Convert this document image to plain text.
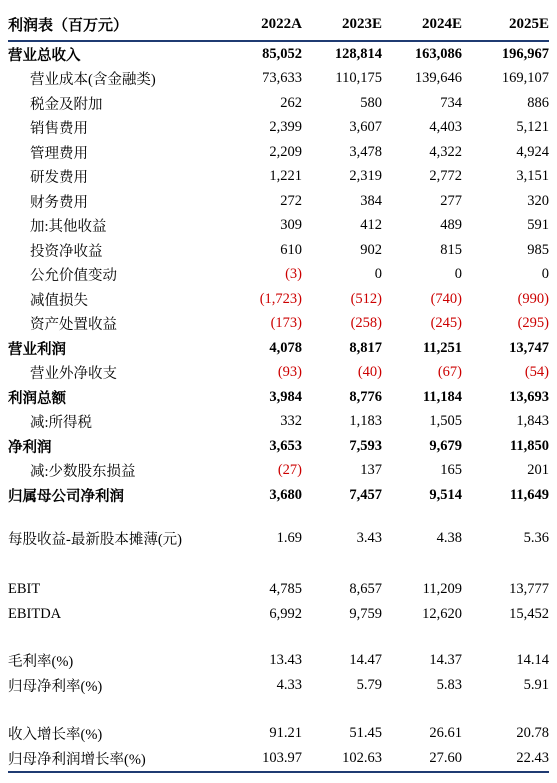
利润表（百万元）	2022A	2023E	2024E	2025E
营业总收入	85,052	128,814	163,086	196,967
营业成本(含金融类)	73,633	110,175	139,646	169,107
税金及附加	262	580	734	886
销售费用	2,399	3,607	4,403	5,121
管理费用	2,209	3,478	4,322	4,924
研发费用	1,221	2,319	2,772	3,151
财务费用	272	384	277	320
加:其他收益	309	412	489	591
投资净收益	610	902	815	985
公允价值变动	(3)	0	0	0
减值损失	(1,723)	(512)	(740)	(990)
资产处置收益	(173)	(258)	(245)	(295)
营业利润	4,078	8,817	11,251	13,747
营业外净收支	(93)	(40)	(67)	(54)
利润总额	3,984	8,776	11,184	13,693
减:所得税	332	1,183	1,505	1,843
净利润	3,653	7,593	9,679	11,850
减:少数股东损益	(27)	137	165	201
归属母公司净利润	3,680	7,457	9,514	11,649
每股收益-最新股本摊薄(元)	1.69	3.43	4.38	5.36
EBIT	4,785	8,657	11,209	13,777
EBITDA	6,992	9,759	12,620	15,452
毛利率(%)	13.43	14.47	14.37	14.14
归母净利率(%)	4.33	5.79	5.83	5.91
收入增长率(%)	91.21	51.45	26.61	20.78
归母净利润增长率(%)	103.97	102.63	27.60	22.43
